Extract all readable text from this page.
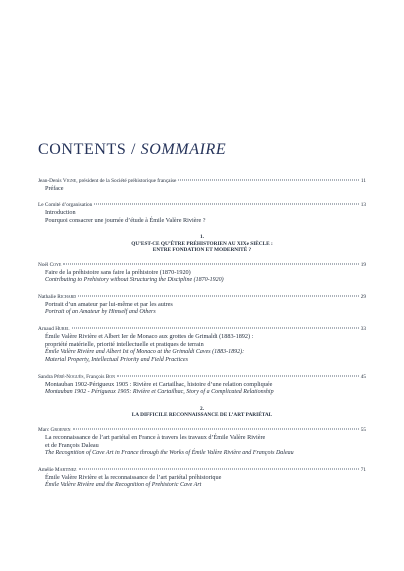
CONTENTS / SOMMAIRE
Jean-Denis Vigne, président de la Société préhistorique française	11
Préface
Le Comité d’organisation	13
Introduction
Pourquoi consacrer une journée d’étude à Émile Valère Rivière ?
1.
QU’EST-CE QU’ÊTRE PRÉHISTORIEN AU XIXe SIÈCLE :
ENTRE FONDATION ET MODERNITÉ ?
Noël Coye	19
Faire de la préhistoire sans faire la préhistoire (1870-1920)
Contributing to Prehistory without Structuring the Discipline (1870-1920)
Nathalie Richard	29
Portrait d’un amateur par lui-même et par les autres
Portrait of an Amateur by Himself and Others
Arnaud Hurel	33
Émile Valère Rivière et Albert Ier de Monaco aux grottes de Grimaldi (1883-1892) :
propriété matérielle, priorité intellectuelle et pratiques de terrain
Émile Valère Rivière and Albert Ist of Monaco at the Grimaldi Caves (1883-1892):
Material Property, Intellectual Priority and Field Practices
Sandra Péré-Noguès, François Bon	45
Montauban 1902-Périgueux 1905 : Rivière et Cartailhac, histoire d’une relation compliquée
Montauban 1902 - Périgueux 1905: Rivière et Cartailhac, Story of a Complicated Relationship
2.
LA DIFFICILE RECONNAISSANCE DE L’ART PARIÉTAL
Marc Groenen	55
La reconnaissance de l’art pariétal en France à travers les travaux d’Émile Valère Rivière
et de François Daleau
The Recognition of Cave Art in France through the Works of Émile Valère Rivière and François Daleau
Amélie Martinez	71
Émile Valère Rivière et la reconnaissance de l’art pariétal préhistorique
Émile Valère Rivière and the Recognition of Prehistoric Cave Art
